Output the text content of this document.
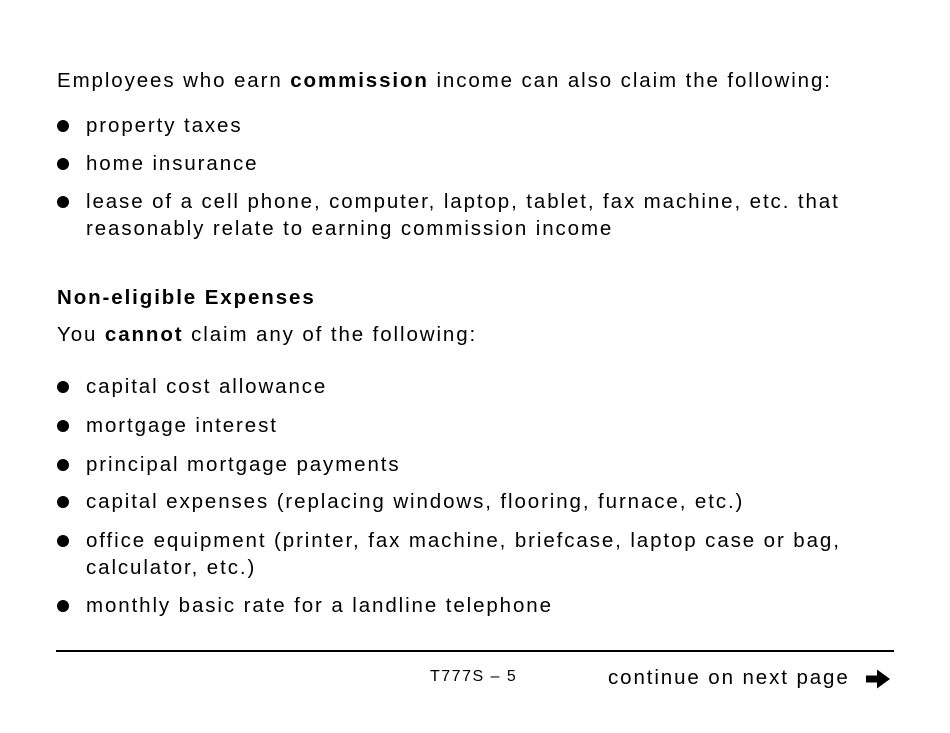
Employees who earn commission income can also claim the following:
property taxes
home insurance
lease of a cell phone, computer, laptop, tablet, fax machine, etc. that
reasonably relate to earning commission income
Non-eligible Expenses
You cannot claim any of the following:
capital cost allowance
mortgage interest
principal mortgage payments
capital expenses (replacing windows, flooring, furnace, etc.)
office equipment (printer, fax machine, briefcase, laptop case or bag,
calculator, etc.)
monthly basic rate for a landline telephone
T777S – 5	continue on next page
